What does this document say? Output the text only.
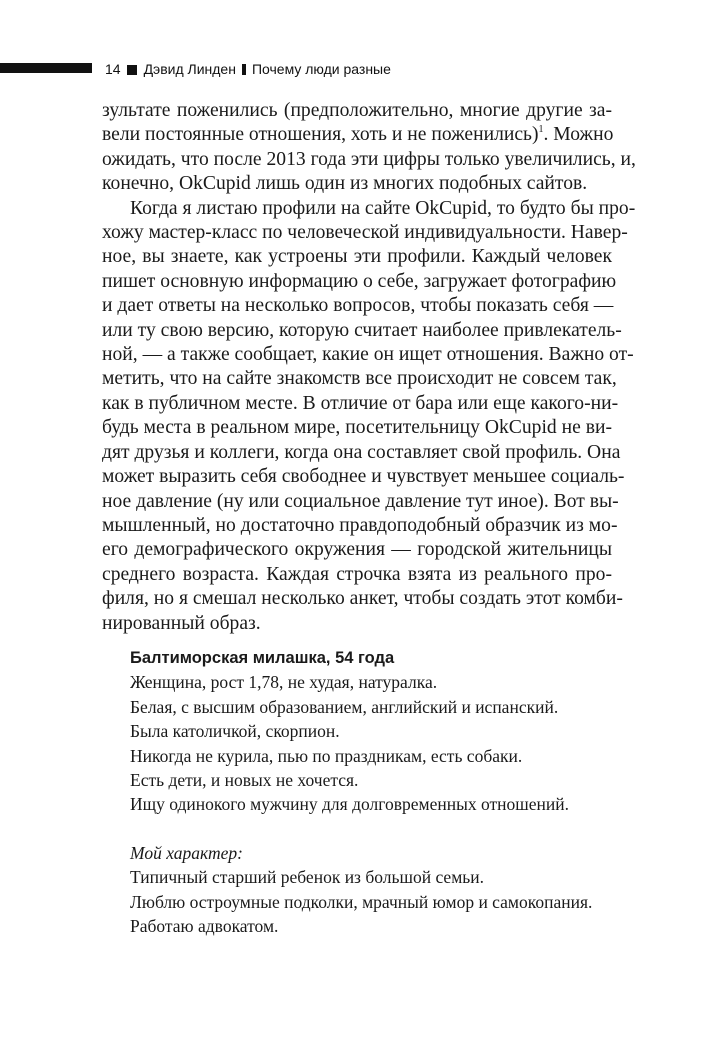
14 Дэвид Линден Почему люди разные
зультате поженились (предположительно, многие другие за-
вели постоянные отношения, хоть и не поженились)$^1$. Можно
ожидать, что после 2013 года эти цифры только увеличились, и,
конечно, OkCupid лишь один из многих подобных сайтов.
Когда я листаю профили на сайте OkCupid, то будто бы про-
хожу мастер-класс по человеческой индивидуальности. Навер-
ное, вы знаете, как устроены эти профили. Каждый человек
пишет основную информацию о себе, загружает фотографию
и дает ответы на несколько вопросов, чтобы показать себя —
или ту свою версию, которую считает наиболее привлекатель-
ной, — а также сообщает, какие он ищет отношения. Важно от-
метить, что на сайте знакомств все происходит не совсем так,
как в публичном месте. В отличие от бара или еще какого-ни-
будь места в реальном мире, посетительницу OkCupid не ви-
дят друзья и коллеги, когда она составляет свой профиль. Она
может выразить себя свободнее и чувствует меньшее социаль-
ное давление (ну или социальное давление тут иное). Вот вы-
мышленный, но достаточно правдоподобный образчик из мо-
его демографического окружения — городской жительницы
среднего возраста. Каждая строчка взята из реального про-
филя, но я смешал несколько анкет, чтобы создать этот комби-
нированный образ.
Балтиморская милашка, 54 года
Женщина, рост 1,78, не худая, натуралка.
Белая, с высшим образованием, английский и испанский.
Была католичкой, скорпион.
Никогда не курила, пью по праздникам, есть собаки.
Есть дети, и новых не хочется.
Ищу одинокого мужчину для долговременных отношений.
Мой характер:
Типичный старший ребенок из большой семьи.
Люблю остроумные подколки, мрачный юмор и самокопания.
Работаю адвокатом.
